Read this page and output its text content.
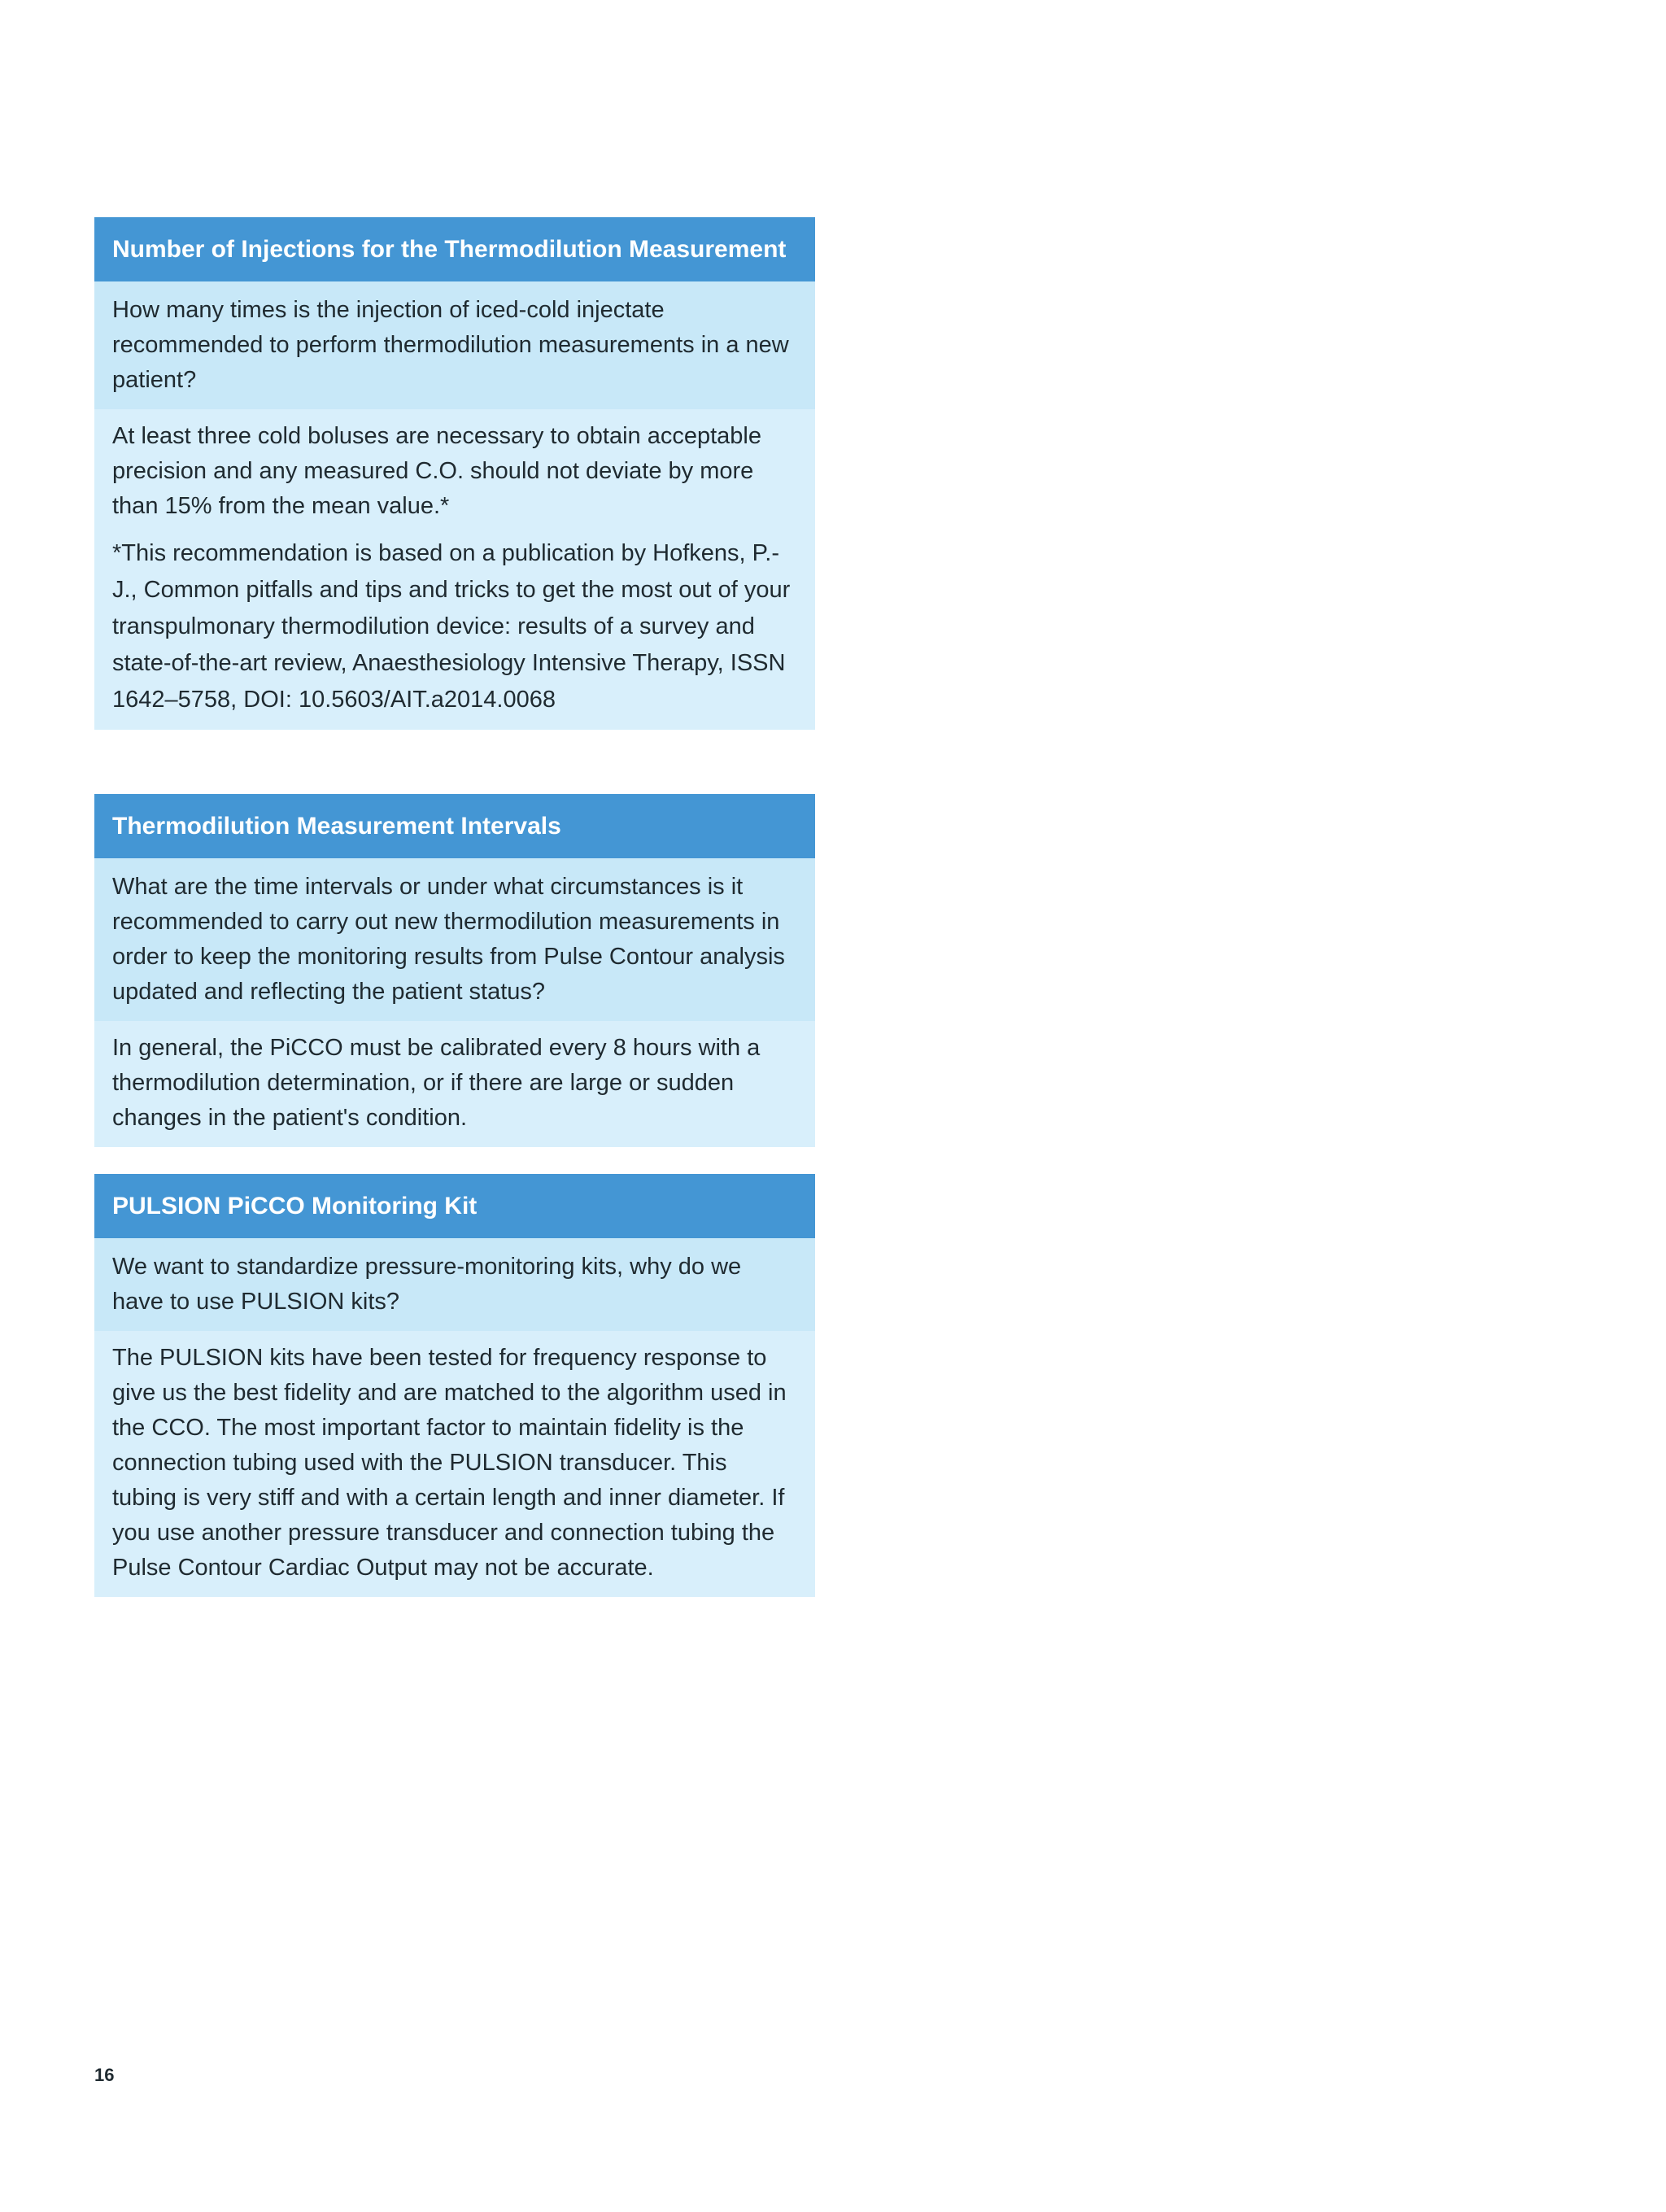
Number of Injections for the Thermodilution Measurement
How many times is the injection of iced-cold injectate recommended to perform thermodilution measurements in a new patient?

At least three cold boluses are necessary to obtain acceptable precision and any measured C.O. should not deviate by more than 15% from the mean value.*

*This recommendation is based on a publication by Hofkens, P.-J., Common pitfalls and tips and tricks to get the most out of your transpulmonary thermodilution device: results of a survey and state-of-the-art review, Anaesthesiology Intensive Therapy, ISSN 1642–5758, DOI: 10.5603/AIT.a2014.0068

Thermodilution Measurement Intervals
What are the time intervals or under what circumstances is it recommended to carry out new thermodilution measurements in order to keep the monitoring results from Pulse Contour analysis updated and reflecting the patient status?

In general, the PiCCO must be calibrated every 8 hours with a thermodilution determination, or if there are large or sudden changes in the patient's condition.

PULSION PiCCO Monitoring Kit
We want to standardize pressure-monitoring kits, why do we have to use PULSION kits?

The PULSION kits have been tested for frequency response to give us the best fidelity and are matched to the algorithm used in the CCO. The most important factor to maintain fidelity is the connection tubing used with the PULSION transducer. This tubing is very stiff and with a certain length and inner diameter. If you use another pressure transducer and connection tubing the Pulse Contour Cardiac Output may not be accurate.

16
